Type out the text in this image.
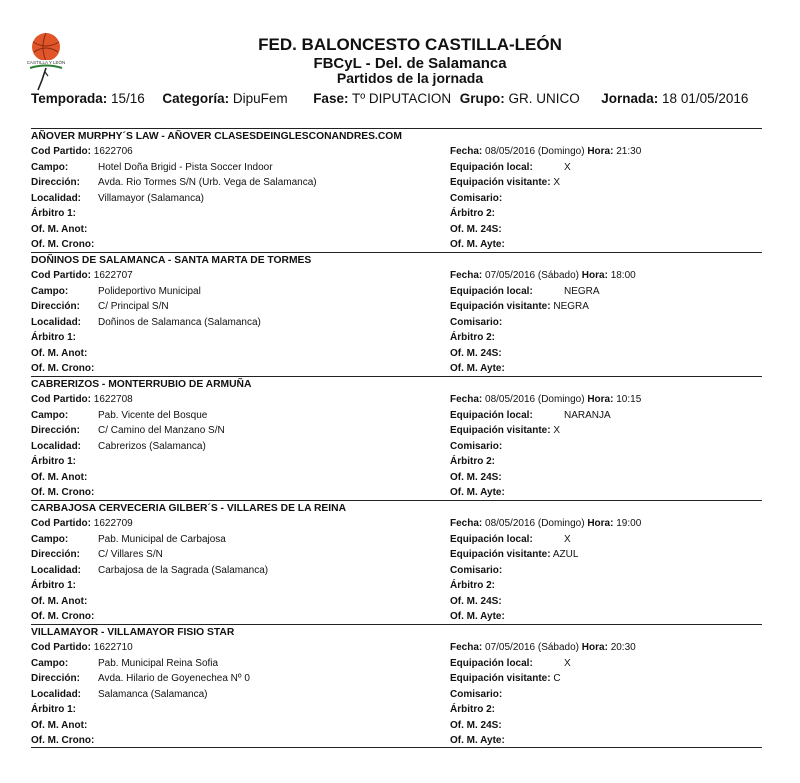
CASTILLA Y LEÓN
FED. BALONCESTO CASTILLA-LEÓN
FBCyL - Del. de Salamanca
Partidos de la jornada
Temporada: 15/16 Categoría: DipuFem Fase: Tº DIPUTACION Grupo: GR. UNICO Jornada: 18 01/05/2016
AÑOVER MURPHY´S LAW - AÑOVER CLASESDEINGLESCONANDRES.COM
Cod Partido: 1622706
Campo:	Hotel Doña Brigid - Pista Soccer Indoor
Dirección: Avda. Rio Tormes S/N (Urb. Vega de Salamanca)
Localidad: Villamayor (Salamanca)
Árbitro 1:
Of. M. Anot:
Of. M. Crono:
Fecha: 08/05/2016 (Domingo) Hora: 21:30
Equipación local:	X
Equipación visitante: X
Comisario:
Árbitro 2:
Of. M. 24S:
Of. M. Ayte:
DOÑINOS DE SALAMANCA - SANTA MARTA DE TORMES
Cod Partido: 1622707
Campo:	Polideportivo Municipal
Dirección: C/ Principal S/N
Localidad: Doñinos de Salamanca (Salamanca)
Árbitro 1:
Of. M. Anot:
Of. M. Crono:
Fecha: 07/05/2016 (Sábado) Hora: 18:00
Equipación local:	NEGRA
Equipación visitante: NEGRA
Comisario:
Árbitro 2:
Of. M. 24S:
Of. M. Ayte:
CABRERIZOS - MONTERRUBIO DE ARMUÑA
Cod Partido: 1622708
Campo:	Pab. Vicente del Bosque
Dirección: C/ Camino del Manzano S/N
Localidad: Cabrerizos (Salamanca)
Árbitro 1:
Of. M. Anot:
Of. M. Crono:
Fecha: 08/05/2016 (Domingo) Hora: 10:15
Equipación local:	NARANJA
Equipación visitante: X
Comisario:
Árbitro 2:
Of. M. 24S:
Of. M. Ayte:
CARBAJOSA CERVECERIA GILBER´S - VILLARES DE LA REINA
Cod Partido: 1622709
Campo:	Pab. Municipal de Carbajosa
Dirección: C/ Villares S/N
Localidad: Carbajosa de la Sagrada (Salamanca)
Árbitro 1:
Of. M. Anot:
Of. M. Crono:
Fecha: 08/05/2016 (Domingo) Hora: 19:00
Equipación local:	X
Equipación visitante: AZUL
Comisario:
Árbitro 2:
Of. M. 24S:
Of. M. Ayte:
VILLAMAYOR - VILLAMAYOR FISIO STAR
Cod Partido: 1622710
Campo:	Pab. Municipal Reina Sofia
Dirección: Avda. Hilario de Goyenechea Nº 0
Localidad: Salamanca (Salamanca)
Árbitro 1:
Of. M. Anot:
Of. M. Crono:
Fecha: 07/05/2016 (Sábado) Hora: 20:30
Equipación local:	X
Equipación visitante: C
Comisario:
Árbitro 2:
Of. M. 24S:
Of. M. Ayte:
